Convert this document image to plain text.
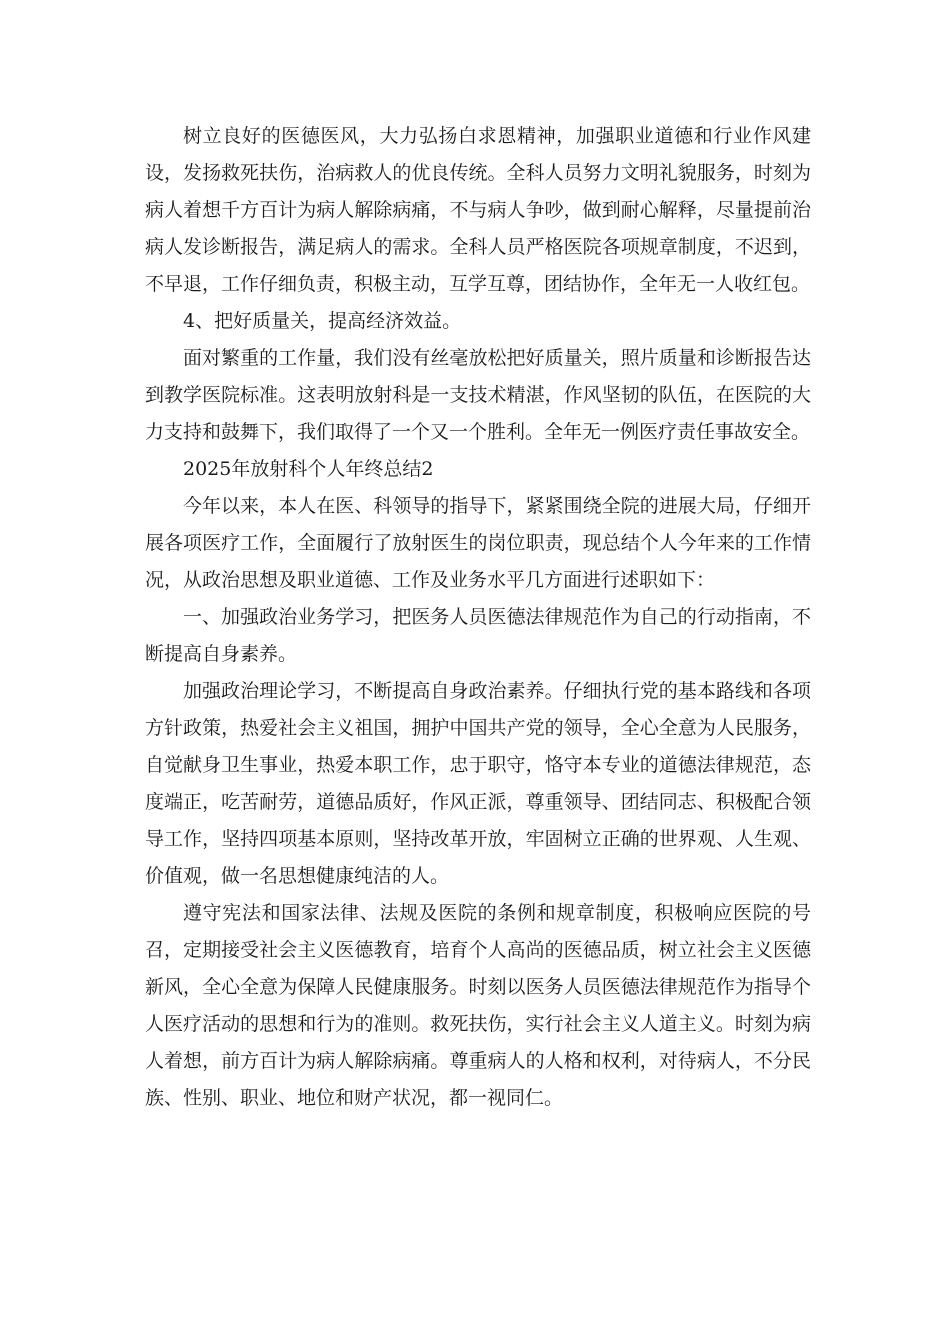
树立良好的医德医风，大力弘扬白求恩精神，加强职业道德和行业作风建设，发扬救死扶伤，治病救人的优良传统。全科人员努力文明礼貌服务，时刻为病人着想千方百计为病人解除病痛，不与病人争吵，做到耐心解释，尽量提前治病人发诊断报告，满足病人的需求。全科人员严格医院各项规章制度，不迟到，不早退，工作仔细负责，积极主动，互学互尊，团结协作，全年无一人收红包。

4、把好质量关，提高经济效益。

面对繁重的工作量，我们没有丝毫放松把好质量关，照片质量和诊断报告达到教学医院标准。这表明放射科是一支技术精湛，作风坚韧的队伍，在医院的大力支持和鼓舞下，我们取得了一个又一个胜利。全年无一例医疗责任事故安全。

2025年放射科个人年终总结2

今年以来，本人在医、科领导的指导下，紧紧围绕全院的进展大局，仔细开展各项医疗工作，全面履行了放射医生的岗位职责，现总结个人今年来的工作情况，从政治思想及职业道德、工作及业务水平几方面进行述职如下：

一、加强政治业务学习，把医务人员医德法律规范作为自己的行动指南，不断提高自身素养。

加强政治理论学习，不断提高自身政治素养。仔细执行党的基本路线和各项方针政策，热爱社会主义祖国，拥护中国共产党的领导，全心全意为人民服务，自觉献身卫生事业，热爱本职工作，忠于职守，恪守本专业的道德法律规范，态度端正，吃苦耐劳，道德品质好，作风正派，尊重领导、团结同志、积极配合领导工作，坚持四项基本原则，坚持改革开放，牢固树立正确的世界观、人生观、价值观，做一名思想健康纯洁的人。

遵守宪法和国家法律、法规及医院的条例和规章制度，积极响应医院的号召，定期接受社会主义医德教育，培育个人高尚的医德品质，树立社会主义医德新风，全心全意为保障人民健康服务。时刻以医务人员医德法律规范作为指导个人医疗活动的思想和行为的准则。救死扶伤，实行社会主义人道主义。时刻为病人着想，前方百计为病人解除病痛。尊重病人的人格和权利，对待病人，不分民族、性别、职业、地位和财产状况，都一视同仁。
